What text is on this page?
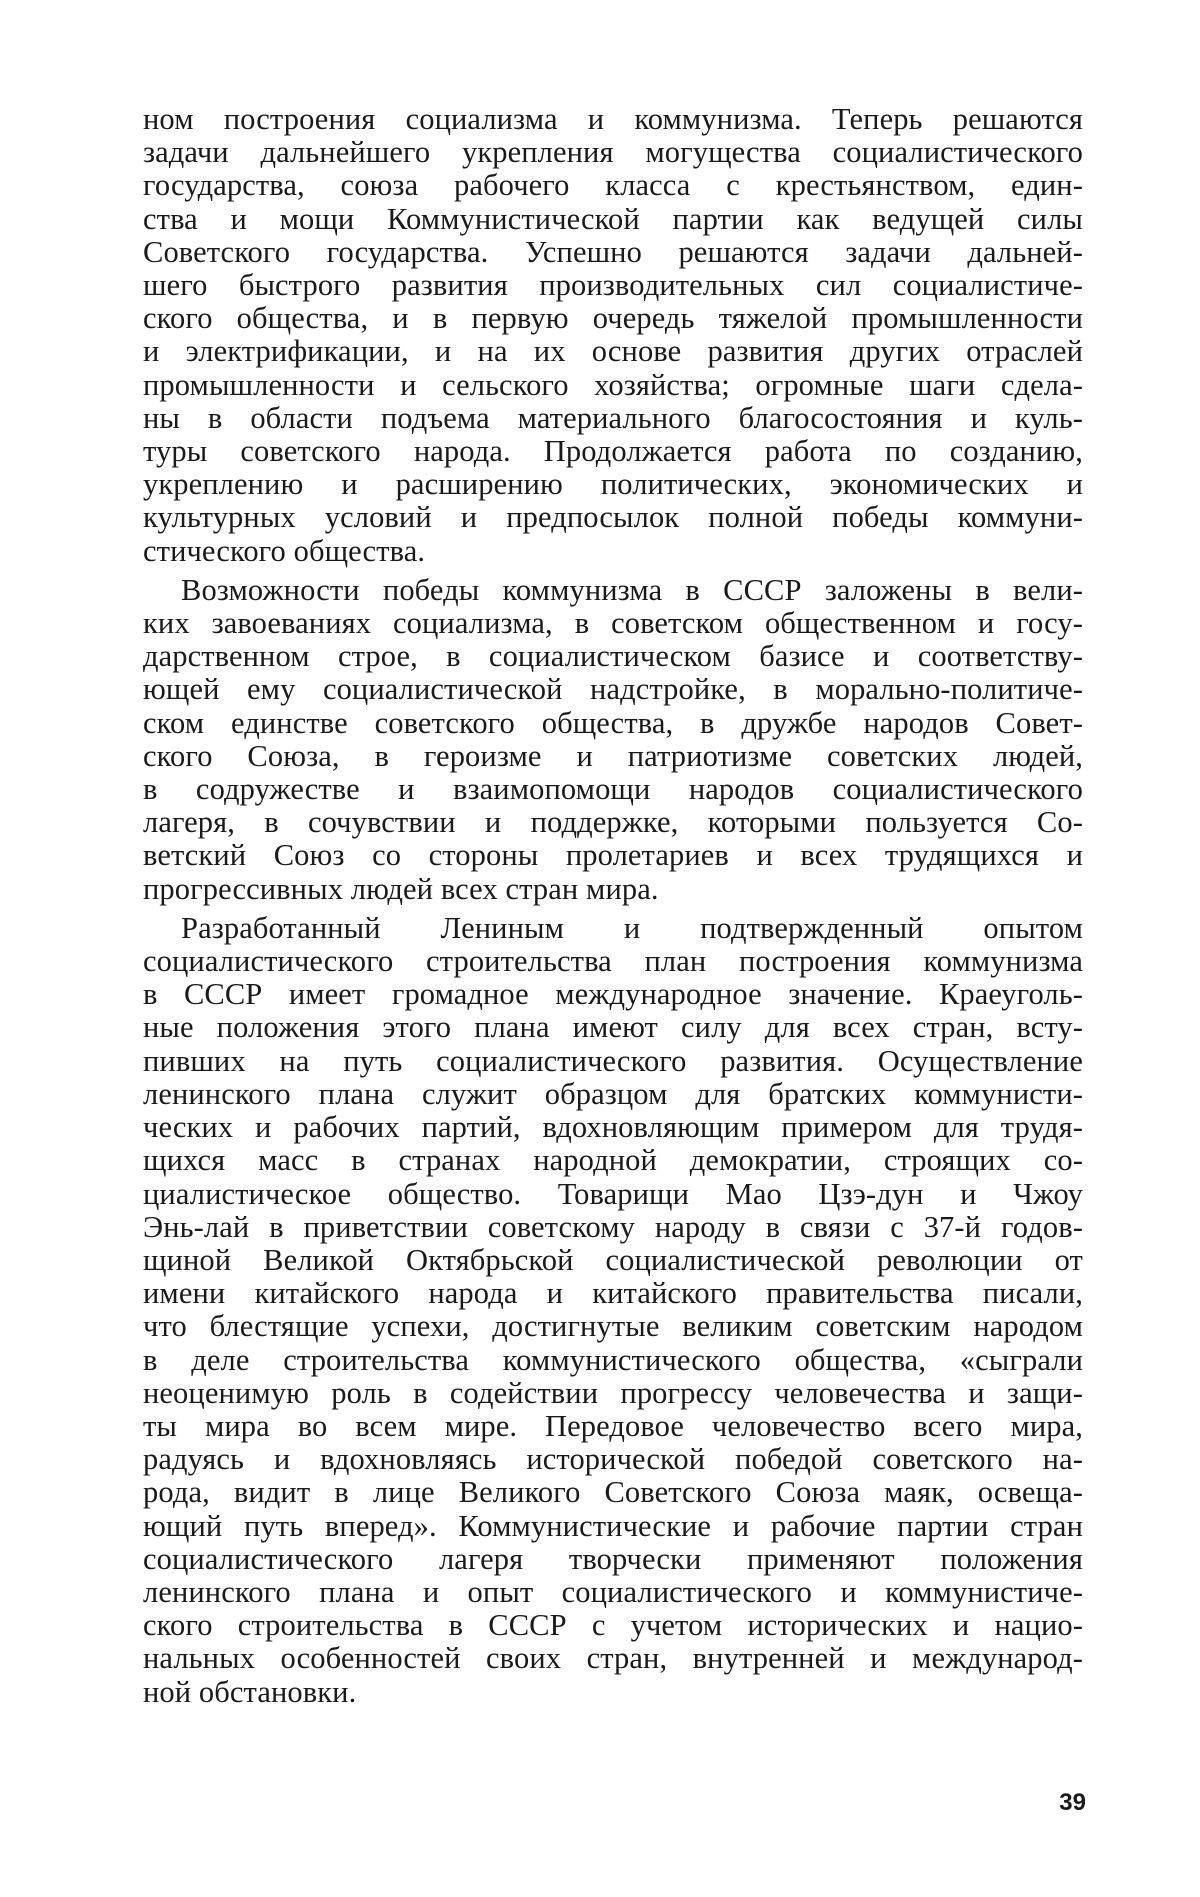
ном построения социализма и коммунизма. Теперь решаются
задачи дальнейшего укрепления могущества социалистического
государства, союза рабочего класса с крестьянством, един-
ства и мощи Коммунистической партии как ведущей силы
Советского государства. Успешно решаются задачи дальней-
шего быстрого развития производительных сил социалистиче-
ского общества, и в первую очередь тяжелой промышленности
и электрификации, и на их основе развития других отраслей
промышленности и сельского хозяйства; огромные шаги сдела-
ны в области подъема материального благосостояния и куль-
туры советского народа. Продолжается работа по созданию,
укреплению и расширению политических, экономических и
культурных условий и предпосылок полной победы коммуни-
стического общества.

Возможности победы коммунизма в СССР заложены в вели-
ких завоеваниях социализма, в советском общественном и госу-
дарственном строе, в социалистическом базисе и соответству-
ющей ему социалистической надстройке, в морально-политиче-
ском единстве советского общества, в дружбе народов Совет-
ского Союза, в героизме и патриотизме советских людей,
в содружестве и взаимопомощи народов социалистического
лагеря, в сочувствии и поддержке, которыми пользуется Со-
ветский Союз со стороны пролетариев и всех трудящихся и
прогрессивных людей всех стран мира.

Разработанный Лениным и подтвержденный опытом
социалистического строительства план построения коммунизма
в СССР имеет громадное международное значение. Краеуголь-
ные положения этого плана имеют силу для всех стран, всту-
пивших на путь социалистического развития. Осуществление
ленинского плана служит образцом для братских коммунисти-
ческих и рабочих партий, вдохновляющим примером для трудя-
щихся масс в странах народной демократии, строящих со-
циалистическое общество. Товарищи Мао Цзэ-дун и Чжоу
Энь-лай в приветствии советскому народу в связи с 37-й годов-
щиной Великой Октябрьской социалистической революции от
имени китайского народа и китайского правительства писали,
что блестящие успехи, достигнутые великим советским народом
в деле строительства коммунистического общества, «сыграли
неоценимую роль в содействии прогрессу человечества и защи-
ты мира во всем мире. Передовое человечество всего мира,
радуясь и вдохновляясь исторической победой советского на-
рода, видит в лице Великого Советского Союза маяк, освеща-
ющий путь вперед». Коммунистические и рабочие партии стран
социалистического лагеря творчески применяют положения
ленинского плана и опыт социалистического и коммунистиче-
ского строительства в СССР с учетом исторических и нацио-
нальных особенностей своих стран, внутренней и международ-
ной обстановки.

39
